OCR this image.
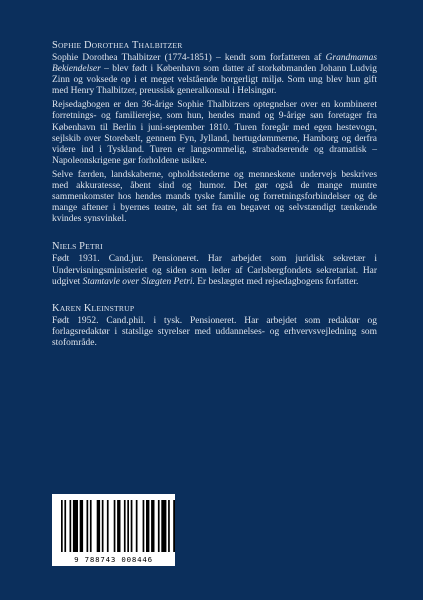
SOPHIE DOROTHEA THALBITZER

Sophie Dorothea Thalbitzer (1774-1851) – kendt som forfatteren af Grandmamas Bekiendelser – blev født i København som datter af storkøbmanden Johann Ludvig Zinn og voksede op i et meget velstående borgerligt miljø. Som ung blev hun gift med Henry Thalbitzer, preussisk generalkonsul i Helsingør.

Rejsedagbogen er den 36-årige Sophie Thalbitzers optegnelser over en kombineret forretnings- og familierejse, som hun, hendes mand og 9-årige søn foretager fra København til Berlin i juni-september 1810. Turen foregår med egen hestevogn, sejlskib over Storebælt, gennem Fyn, Jylland, hertugdømmerne, Hamborg og derfra videre ind i Tyskland. Turen er langsommelig, strabadserende og dramatisk – Napoleonskrigene gør forholdene usikre.

Selve færden, landskaberne, opholdsstederne og menneskene undervejs beskrives med akkuratesse, åbent sind og humor. Det gør også de mange muntre sammenkomster hos hendes mands tyske familie og forretningsforbindelser og de mange aftener i byernes teatre, alt set fra en begavet og selvstændigt tænkende kvindes synsvinkel.

NIELS PETRI

Født 1931. Cand.jur. Pensioneret. Har arbejdet som juridisk sekretær i Undervisningsministeriet og siden som leder af Carlsbergfondets sekretariat. Har udgivet Stamtavle over Slægten Petri. Er beslægtet med rejsedagbogens forfatter.

KAREN KLEINSTRUP

Født 1952. Cand.phil. i tysk. Pensioneret. Har arbejdet som redaktør og forlagsredaktør i statslige styrelser med uddannelses- og erhvervsvejledning som stofområde.

9 788743 008446
